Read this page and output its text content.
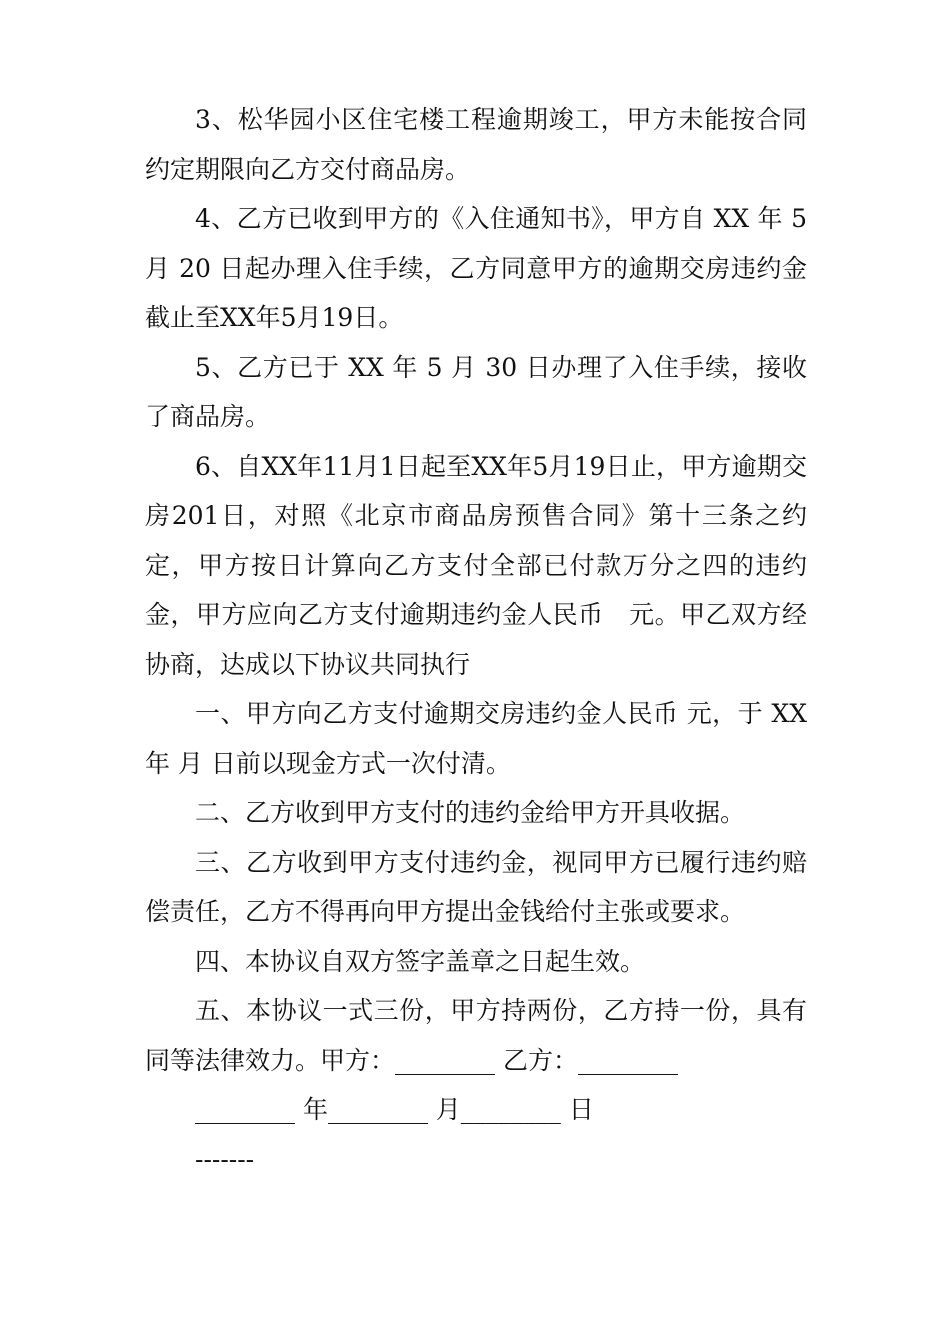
3、松华园小区住宅楼工程逾期竣工，甲方未能按合同约定期限向乙方交付商品房。

4、乙方已收到甲方的《入住通知书》，甲方自 XX 年 5 月 20 日起办理入住手续，乙方同意甲方的逾期交房违约金截止至XX年5月19日。

5、乙方已于 XX 年 5 月 30 日办理了入住手续，接收了商品房。

6、自XX年11月1日起至XX年5月19日止，甲方逾期交房201日，对照《北京市商品房预售合同》第十三条之约定，甲方按日计算向乙方支付全部已付款万分之四的违约金，甲方应向乙方支付逾期违约金人民币　元。甲乙双方经协商，达成以下协议共同执行

一、甲方向乙方支付逾期交房违约金人民币 元，于 XX 年 月 日前以现金方式一次付清。

二、乙方收到甲方支付的违约金给甲方开具收据。

三、乙方收到甲方支付违约金，视同甲方已履行违约赔偿责任，乙方不得再向甲方提出金钱给付主张或要求。

四、本协议自双方签字盖章之日起生效。

五、本协议一式三份，甲方持两份，乙方持一份，具有同等法律效力。甲方：________ 乙方：________

________ 年________ 月________ 日

-------
